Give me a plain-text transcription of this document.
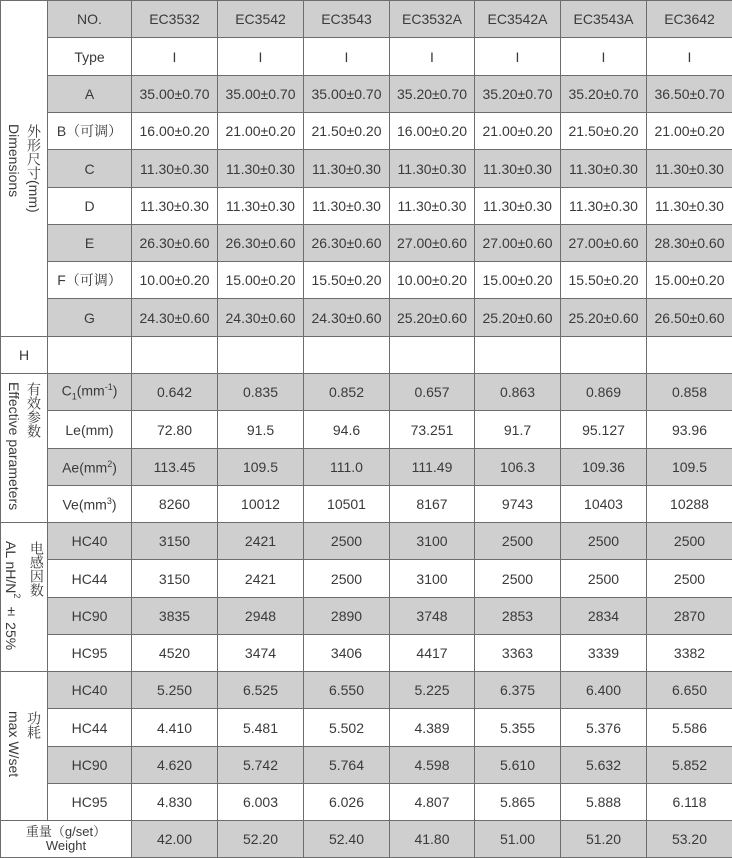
外形尺寸(mm)
Dimensions	NO.	EC3532	EC3542	EC3543	EC3532A	EC3542A	EC3543A	EC3642
	Type	I	I	I	I	I	I	I
	A	35.00±0.70	35.00±0.70	35.00±0.70	35.20±0.70	35.20±0.70	35.20±0.70	36.50±0.70
	B（可调）	16.00±0.20	21.00±0.20	21.50±0.20	16.00±0.20	21.00±0.20	21.50±0.20	21.00±0.20
	C	11.30±0.30	11.30±0.30	11.30±0.30	11.30±0.30	11.30±0.30	11.30±0.30	11.30±0.30
	D	11.30±0.30	11.30±0.30	11.30±0.30	11.30±0.30	11.30±0.30	11.30±0.30	11.30±0.30
	E	26.30±0.60	26.30±0.60	26.30±0.60	27.00±0.60	27.00±0.60	27.00±0.60	28.30±0.60
	F（可调）	10.00±0.20	15.00±0.20	15.50±0.20	10.00±0.20	15.00±0.20	15.50±0.20	15.00±0.20
	G	24.30±0.60	24.30±0.60	24.30±0.60	25.20±0.60	25.20±0.60	25.20±0.60	26.50±0.60
H								

有效参数
Effective parameters	$C_1(mm^{-1})$	0.642	0.835	0.852	0.657	0.863	0.869	0.858
	Le(mm)	72.80	91.5	94.6	73.251	91.7	95.127	93.96
	$Ae(mm^2)$	113.45	109.5	111.0	111.49	106.3	109.36	109.5
	$Ve(mm^3)$	8260	10012	10501	8167	9743	10403	10288

电感因数
AL $nH/N^2 \pm 25\%$	HC40	3150	2421	2500	3100	2500	2500	2500
	HC44	3150	2421	2500	3100	2500	2500	2500
	HC90	3835	2948	2890	3748	2853	2834	2870
	HC95	4520	3474	3406	4417	3363	3339	3382

max W/set 功耗	HC40	5.250	6.525	6.550	5.225	6.375	6.400	6.650
	HC44	4.410	5.481	5.502	4.389	5.355	5.376	5.586
	HC90	4.620	5.742	5.764	4.598	5.610	5.632	5.852
	HC95	4.830	6.003	6.026	4.807	5.865	5.888	6.118

重量（g/set）
Weight		42.00	52.20	52.40	41.80	51.00	51.20	53.20
